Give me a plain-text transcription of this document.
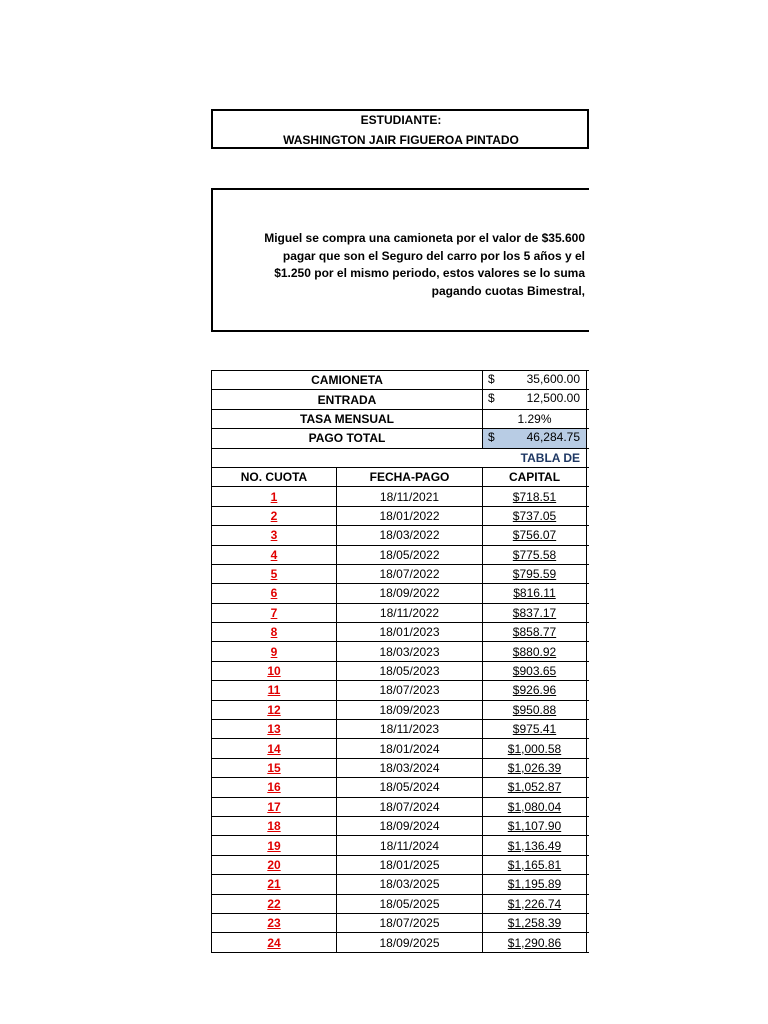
ESTUDIANTE:
WASHINGTON JAIR FIGUEROA PINTADO
Miguel se compra una camioneta por el valor de $35.600
pagar que son el Seguro del carro por los 5 años y el
$1.250 por el mismo periodo, estos valores se lo suma
pagando cuotas Bimestral,
CAMIONETA		$ 35,600.00	

ENTRADA		$ 12,500.00	

TASA MENSUAL		1.29%	
PAGO TOTAL		$ 46,284.75	

TABLA DE			
NO. CUOTA	FECHA-PAGO	CAPITAL	
1	18/11/2021	$718.51	
2	18/01/2022	$737.05	
3	18/03/2022	$756.07	
4	18/05/2022	$775.58	
5	18/07/2022	$795.59	
6	18/09/2022	$816.11	
7	18/11/2022	$837.17	
8	18/01/2023	$858.77	
9	18/03/2023	$880.92	
10	18/05/2023	$903.65	
11	18/07/2023	$926.96	
12	18/09/2023	$950.88	
13	18/11/2023	$975.41	
14	18/01/2024	$1,000.58	
15	18/03/2024	$1,026.39	
16	18/05/2024	$1,052.87	
17	18/07/2024	$1,080.04	
18	18/09/2024	$1,107.90	
19	18/11/2024	$1,136.49	
20	18/01/2025	$1,165.81	
21	18/03/2025	$1,195.89	
22	18/05/2025	$1,226.74	
23	18/07/2025	$1,258.39	
24	18/09/2025	$1,290.86	
